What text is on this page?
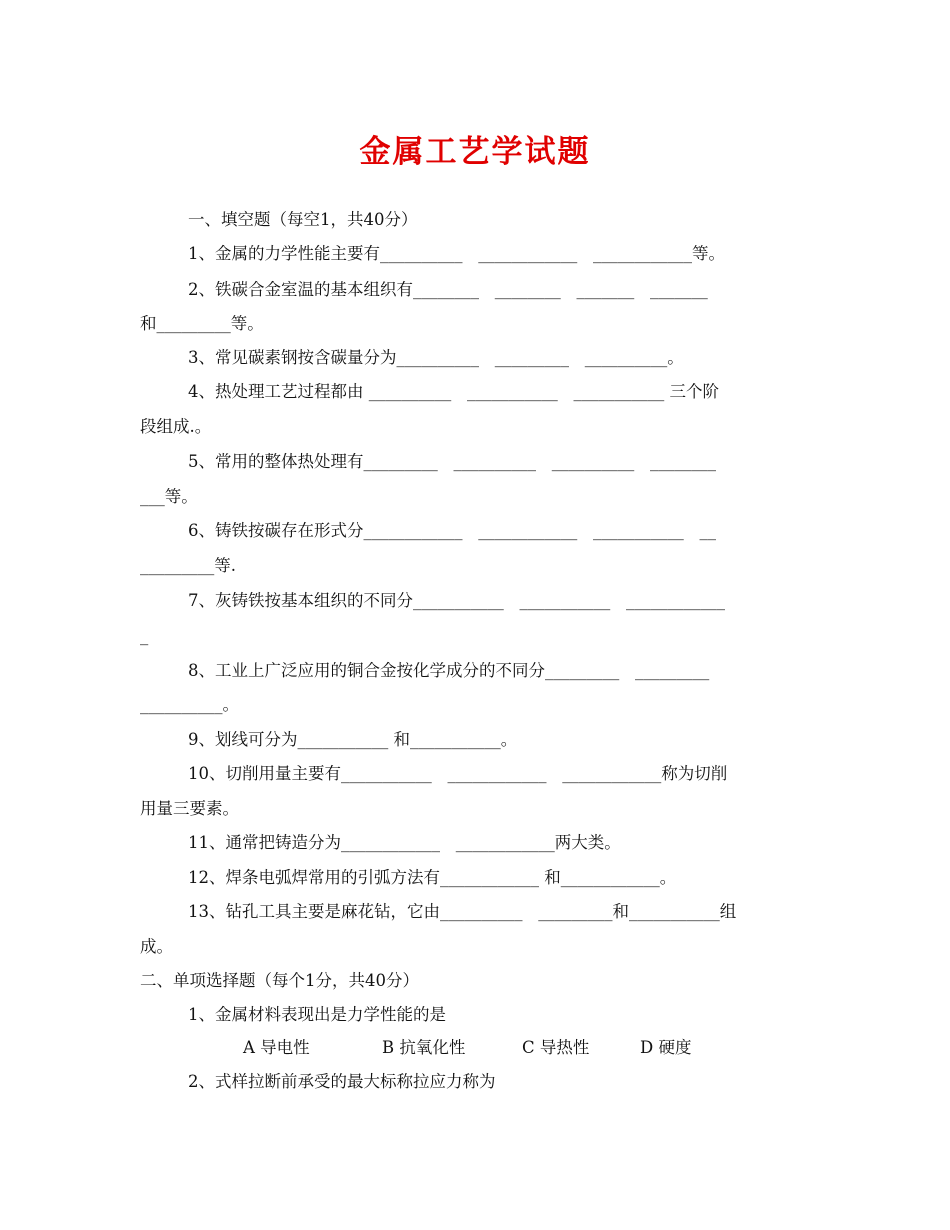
金属工艺学试题
一、填空题（每空1，共40分）
1、金属的力学性能主要有__________   ____________   ____________等。
2、铁碳合金室温的基本组织有________   ________   _______   _______
和_________等。
3、常见碳素钢按含碳量分为__________   _________   __________。
4、热处理工艺过程都由 __________   ___________   ___________ 三个阶
段组成.。
5、常用的整体热处理有_________   __________   __________   ________
___等。
6、铸铁按碳存在形式分____________   ____________   ___________   __
_________等.
7、灰铸铁按基本组织的不同分___________   ___________   ____________
_
8、工业上广泛应用的铜合金按化学成分的不同分_________   _________
__________。
9、划线可分为___________ 和___________。
10、切削用量主要有___________   ____________   ____________称为切削
用量三要素。
11、通常把铸造分为____________   ____________两大类。
12、焊条电弧焊常用的引弧方法有____________ 和____________。
13、钻孔工具主要是麻花钻，它由__________   _________和___________组
成。
二、单项选择题（每个1分，共40分）
1、金属材料表现出是力学性能的是
A 导电性	B 抗氧化性	C 导热性	D 硬度
2、式样拉断前承受的最大标称拉应力称为
